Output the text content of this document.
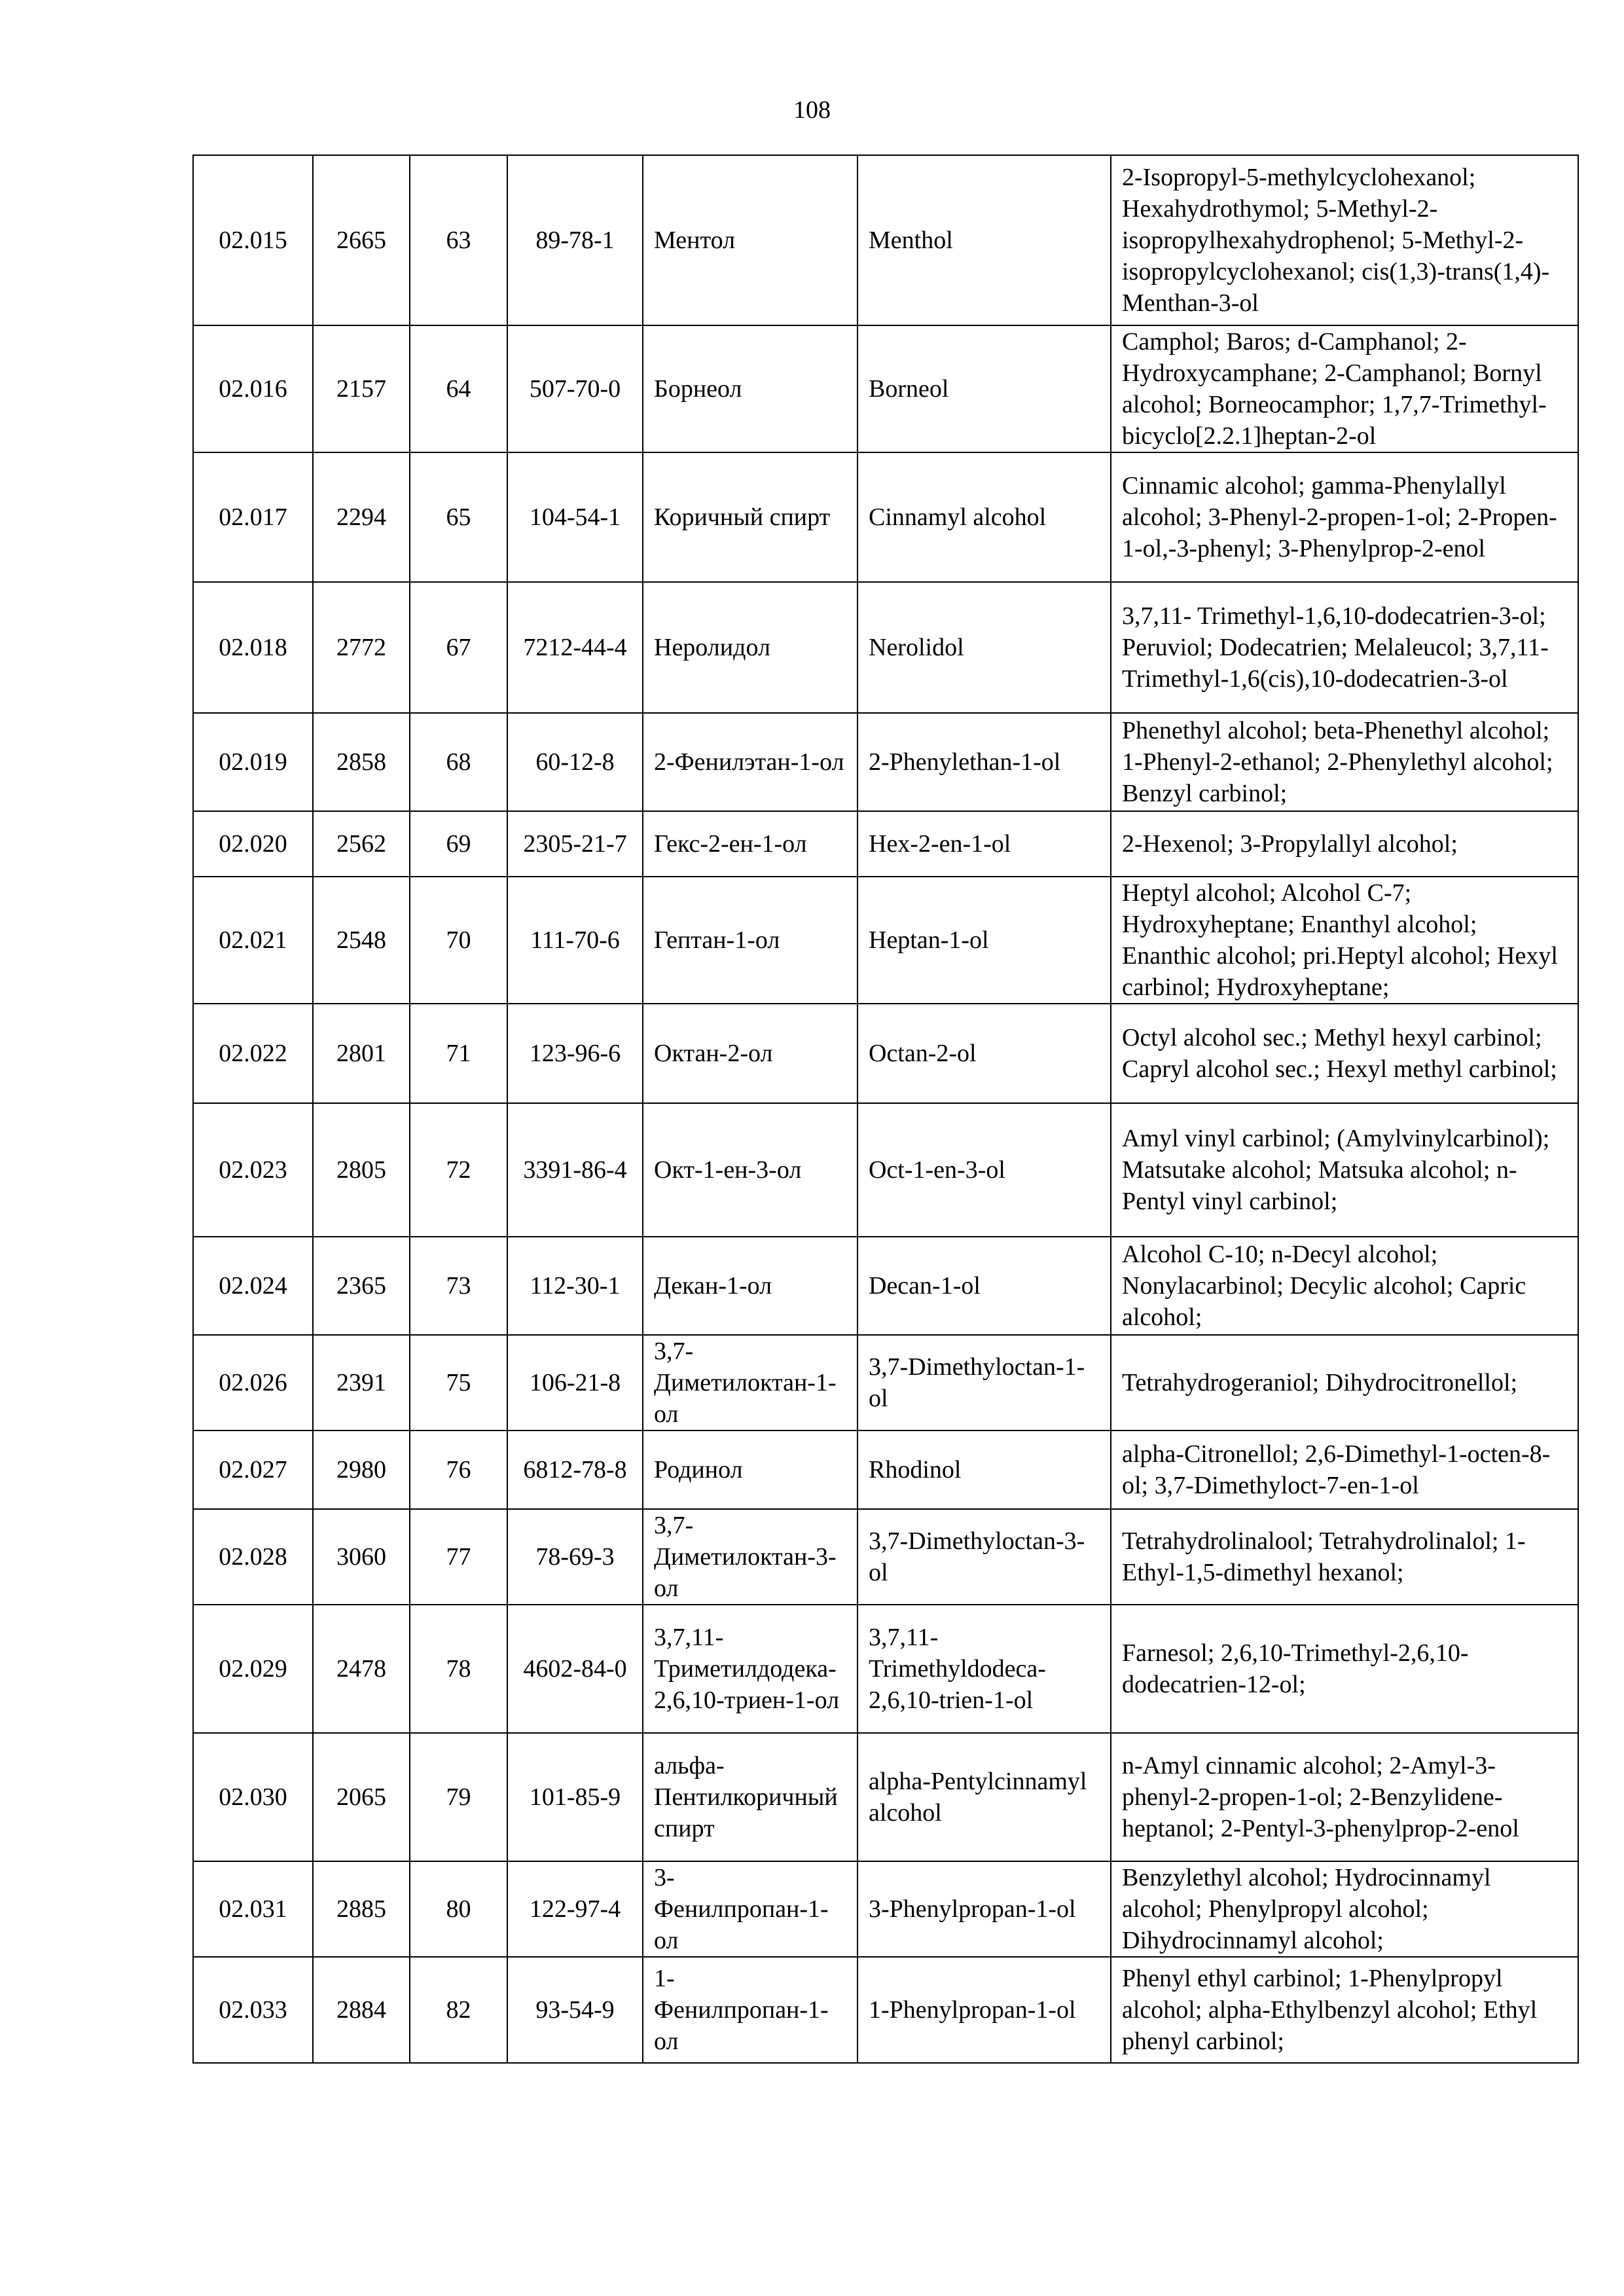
108
02.015	2665	63	89-78-1	Ментол	Menthol	2-Isopropyl-5-methylcyclohexanol; Hexahydrothymol; 5-Methyl-2-isopropylhexahydrophenol; 5-Methyl-2-isopropylcyclohexanol; cis(1,3)-trans(1,4)-Menthan-3-ol
02.016	2157	64	507-70-0	Борнеол	Borneol	Camphol; Baros; d-Camphanol; 2-Hydroxycamphane; 2-Camphanol; Bornyl alcohol; Borneocamphor; 1,7,7-Trimethyl-bicyclo[2.2.1]heptan-2-ol
02.017	2294	65	104-54-1	Коричный спирт	Cinnamyl alcohol	Cinnamic alcohol; gamma-Phenylallyl alcohol; 3-Phenyl-2-propen-1-ol; 2-Propen-1-ol,-3-phenyl; 3-Phenylprop-2-enol
02.018	2772	67	7212-44-4	Неролидол	Nerolidol	3,7,11- Trimethyl-1,6,10-dodecatrien-3-ol; Peruviol; Dodecatrien; Melaleucol; 3,7,11-Trimethyl-1,6(cis),10-dodecatrien-3-ol
02.019	2858	68	60-12-8	2-Фенилэтан-1-ол	2-Phenylethan-1-ol	Phenethyl alcohol; beta-Phenethyl alcohol; 1-Phenyl-2-ethanol; 2-Phenylethyl alcohol; Benzyl carbinol;
02.020	2562	69	2305-21-7	Гекс-2-ен-1-ол	Hex-2-en-1-ol	2-Hexenol; 3-Propylallyl alcohol;
02.021	2548	70	111-70-6	Гептан-1-ол	Heptan-1-ol	Heptyl alcohol; Alcohol C-7; Hydroxyheptane; Enanthyl alcohol; Enanthic alcohol; pri.Heptyl alcohol; Hexyl carbinol; Hydroxyheptane;
02.022	2801	71	123-96-6	Октан-2-ол	Octan-2-ol	Octyl alcohol sec.; Methyl hexyl carbinol; Capryl alcohol sec.; Hexyl methyl carbinol;
02.023	2805	72	3391-86-4	Окт-1-ен-3-ол	Oct-1-en-3-ol	Amyl vinyl carbinol; (Amylvinylcarbinol); Matsutake alcohol; Matsuka alcohol; n-Pentyl vinyl carbinol;
02.024	2365	73	112-30-1	Декан-1-ол	Decan-1-ol	Alcohol C-10; n-Decyl alcohol; Nonylacarbinol; Decylic alcohol; Capric alcohol;
02.026	2391	75	106-21-8	3,7-Диметилоктан-1-ол	3,7-Dimethyloctan-1-ol	Tetrahydrogeraniol; Dihydrocitronellol;
02.027	2980	76	6812-78-8	Родинол	Rhodinol	alpha-Citronellol; 2,6-Dimethyl-1-octen-8-ol; 3,7-Dimethyloct-7-en-1-ol
02.028	3060	77	78-69-3	3,7-Диметилоктан-3-ол	3,7-Dimethyloctan-3-ol	Tetrahydrolinalool; Tetrahydrolinalol; 1-Ethyl-1,5-dimethyl hexanol;
02.029	2478	78	4602-84-0	3,7,11-Триметилдодека-2,6,10-триен-1-ол	3,7,11-Trimethyldodeca-2,6,10-trien-1-ol	Farnesol; 2,6,10-Trimethyl-2,6,10-dodecatrien-12-ol;
02.030	2065	79	101-85-9	альфа-Пентилкоричный спирт	alpha-Pentylcinnamyl alcohol	n-Amyl cinnamic alcohol; 2-Amyl-3-phenyl-2-propen-1-ol; 2-Benzylidene-heptanol; 2-Pentyl-3-phenylprop-2-enol
02.031	2885	80	122-97-4	3-Фенилпропан-1-ол	3-Phenylpropan-1-ol	Benzylethyl alcohol; Hydrocinnamyl alcohol; Phenylpropyl alcohol; Dihydrocinnamyl alcohol;
02.033	2884	82	93-54-9	1-Фенилпропан-1-ол	1-Phenylpropan-1-ol	Phenyl ethyl carbinol; 1-Phenylpropyl alcohol; alpha-Ethylbenzyl alcohol; Ethyl phenyl carbinol;
